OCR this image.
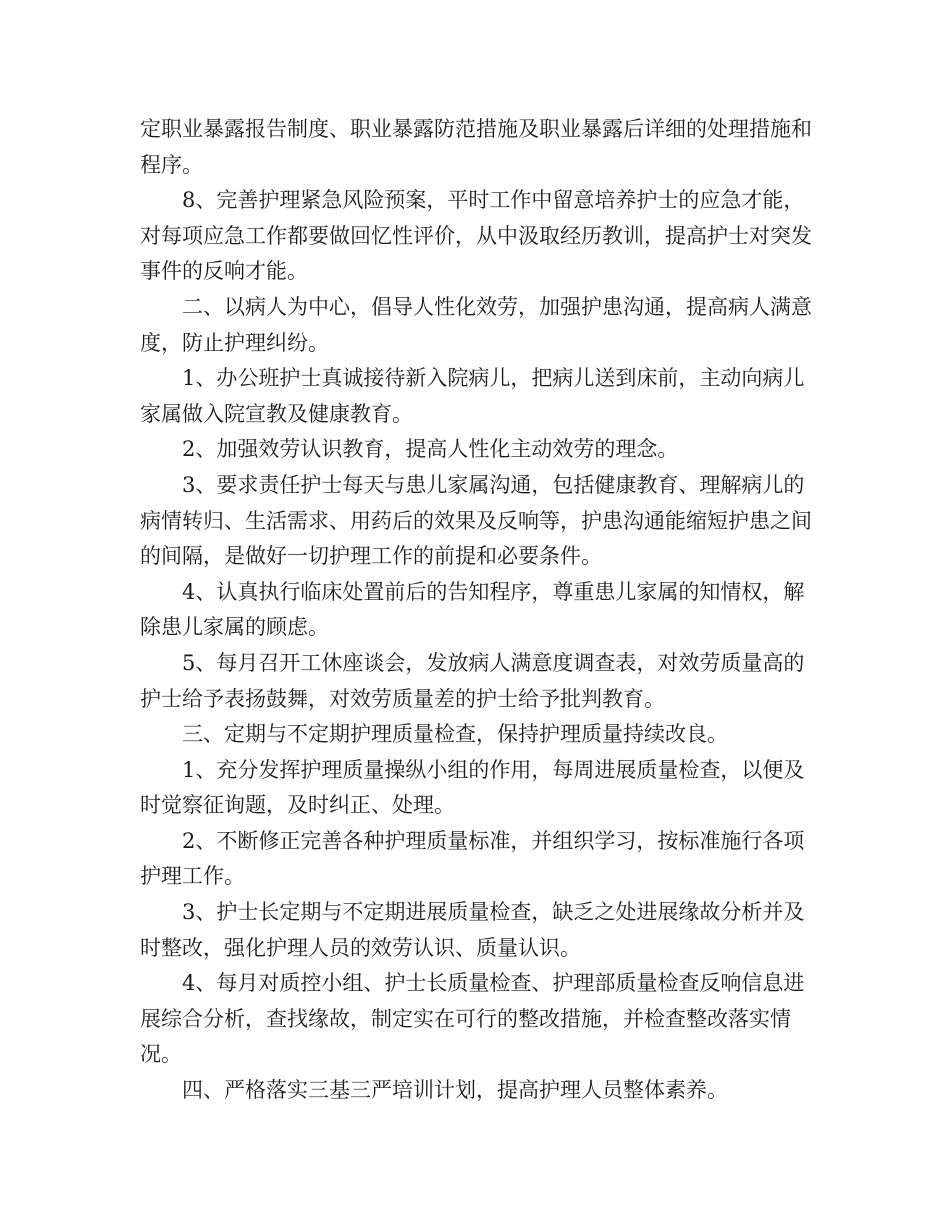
定职业暴露报告制度、职业暴露防范措施及职业暴露后详细的处理措施和程序。

8、完善护理紧急风险预案，平时工作中留意培养护士的应急才能，对每项应急工作都要做回忆性评价，从中汲取经历教训，提高护士对突发事件的反响才能。

二、以病人为中心，倡导人性化效劳，加强护患沟通，提高病人满意度，防止护理纠纷。

1、办公班护士真诚接待新入院病儿，把病儿送到床前，主动向病儿家属做入院宣教及健康教育。

2、加强效劳认识教育，提高人性化主动效劳的理念。

3、要求责任护士每天与患儿家属沟通，包括健康教育、理解病儿的病情转归、生活需求、用药后的效果及反响等，护患沟通能缩短护患之间的间隔，是做好一切护理工作的前提和必要条件。

4、认真执行临床处置前后的告知程序，尊重患儿家属的知情权，解除患儿家属的顾虑。

5、每月召开工休座谈会，发放病人满意度调查表，对效劳质量高的护士给予表扬鼓舞，对效劳质量差的护士给予批判教育。

三、定期与不定期护理质量检查，保持护理质量持续改良。

1、充分发挥护理质量操纵小组的作用，每周进展质量检查，以便及时觉察征询题，及时纠正、处理。

2、不断修正完善各种护理质量标准，并组织学习，按标准施行各项护理工作。

3、护士长定期与不定期进展质量检查，缺乏之处进展缘故分析并及时整改，强化护理人员的效劳认识、质量认识。

4、每月对质控小组、护士长质量检查、护理部质量检查反响信息进展综合分析，查找缘故，制定实在可行的整改措施，并检查整改落实情况。

四、严格落实三基三严培训计划，提高护理人员整体素养。
